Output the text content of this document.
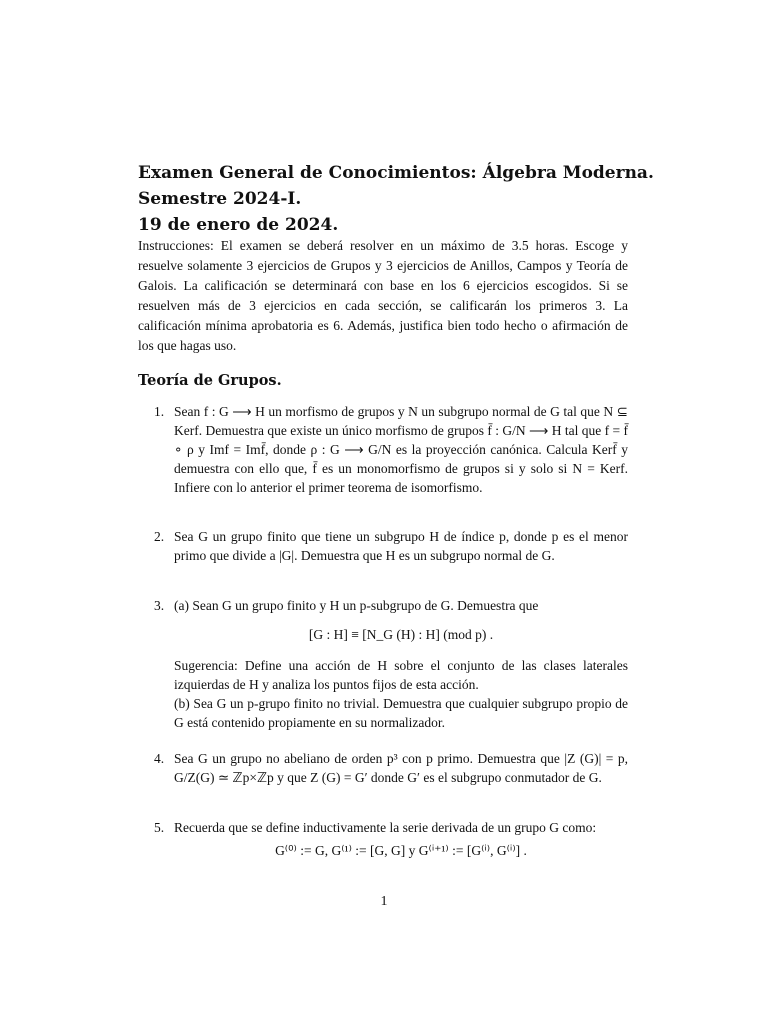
Examen General de Conocimientos: Álgebra Moderna.
Semestre 2024-I.
19 de enero de 2024.
Instrucciones: El examen se deberá resolver en un máximo de 3.5 horas. Escoge y resuelve solamente 3 ejercicios de Grupos y 3 ejercicios de Anillos, Campos y Teoría de Galois. La calificación se determinará con base en los 6 ejercicios escogidos. Si se resuelven más de 3 ejercicios en cada sección, se calificarán los primeros 3. La calificación mínima aprobatoria es 6. Además, justifica bien todo hecho o afirmación de los que hagas uso.
Teoría de Grupos.
1. Sean f : G ⟶ H un morfismo de grupos y N un subgrupo normal de G tal que N ⊆ Kerf. Demuestra que existe un único morfismo de grupos f̄ : G/N ⟶ H tal que f = f̄ ∘ ρ y Imf = Imf̄, donde ρ : G ⟶ G/N es la proyección canónica. Calcula Kerf̄ y demuestra con ello que, f̄ es un monomorfismo de grupos si y solo si N = Kerf. Infiere con lo anterior el primer teorema de isomorfismo.

2. Sea G un grupo finito que tiene un subgrupo H de índice p, donde p es el menor primo que divide a |G|. Demuestra que H es un subgrupo normal de G.

3. (a) Sean G un grupo finito y H un p-subgrupo de G. Demuestra que

[G : H] ≡ [N_G (H) : H] (mod p) .

Sugerencia: Define una acción de H sobre el conjunto de las clases laterales izquierdas de H y analiza los puntos fijos de esta acción.

(b) Sea G un p-grupo finito no trivial. Demuestra que cualquier subgrupo propio de G está contenido propiamente en su normalizador.

4. Sea G un grupo no abeliano de orden p³ con p primo. Demuestra que |Z (G)| = p, G/Z(G) ≃ ℤp×ℤp y que Z (G) = G′ donde G′ es el subgrupo conmutador de G.

5. Recuerda que se define inductivamente la serie derivada de un grupo G como:

G⁽⁰⁾ := G, G⁽¹⁾ := [G, G] y G⁽ⁱ⁺¹⁾ := [G⁽ⁱ⁾, G⁽ⁱ⁾] .
1
